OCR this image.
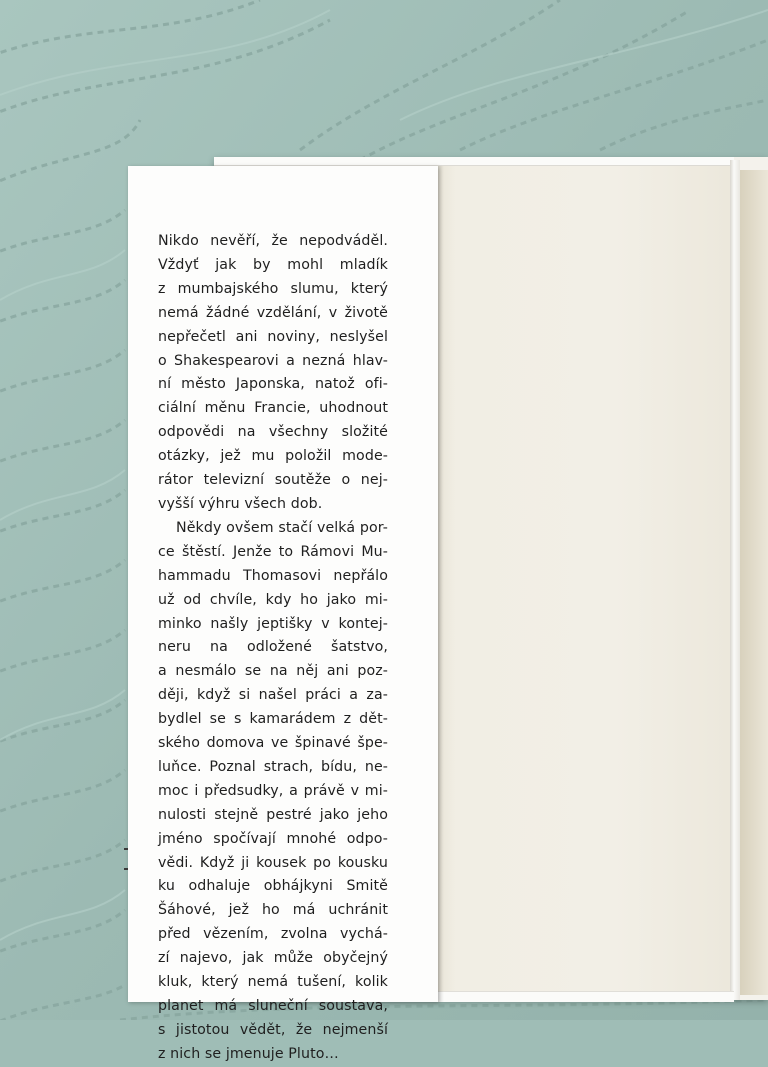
Nikdo nevěří, že nepodváděl.
Vždyť jak by mohl mladík
z mumbajského slumu, který
nemá žádné vzdělání, v životě
nepřečetl ani noviny, neslyšel
o Shakespearovi a nezná hlav-
ní město Japonska, natož ofi-
ciální měnu Francie, uhodnout
odpovědi na všechny složité
otázky, jež mu položil mode-
rátor televizní soutěže o nej-
vyšší výhru všech dob.
Někdy ovšem stačí velká por-
ce štěstí. Jenže to Rámovi Mu-
hammadu Thomasovi nepřálo
už od chvíle, kdy ho jako mi-
minko našly jeptišky v kontej-
neru na odložené šatstvo,
a nesmálo se na něj ani poz-
ději, když si našel práci a za-
bydlel se s kamarádem z dět-
ského domova ve špinavé špe-
luňce. Poznal strach, bídu, ne-
moc i předsudky, a právě v mi-
nulosti stejně pestré jako jeho
jméno spočívají mnohé odpo-
vědi. Když ji kousek po kousku
ku odhaluje obhájkyni Smitě
Šáhové, jež ho má uchránit
před vězením, zvolna vychá-
zí najevo, jak může obyčejný
kluk, který nemá tušení, kolik
planet má sluneční soustava,
s jistotou vědět, že nejmenší
z nich se jmenuje Pluto…
